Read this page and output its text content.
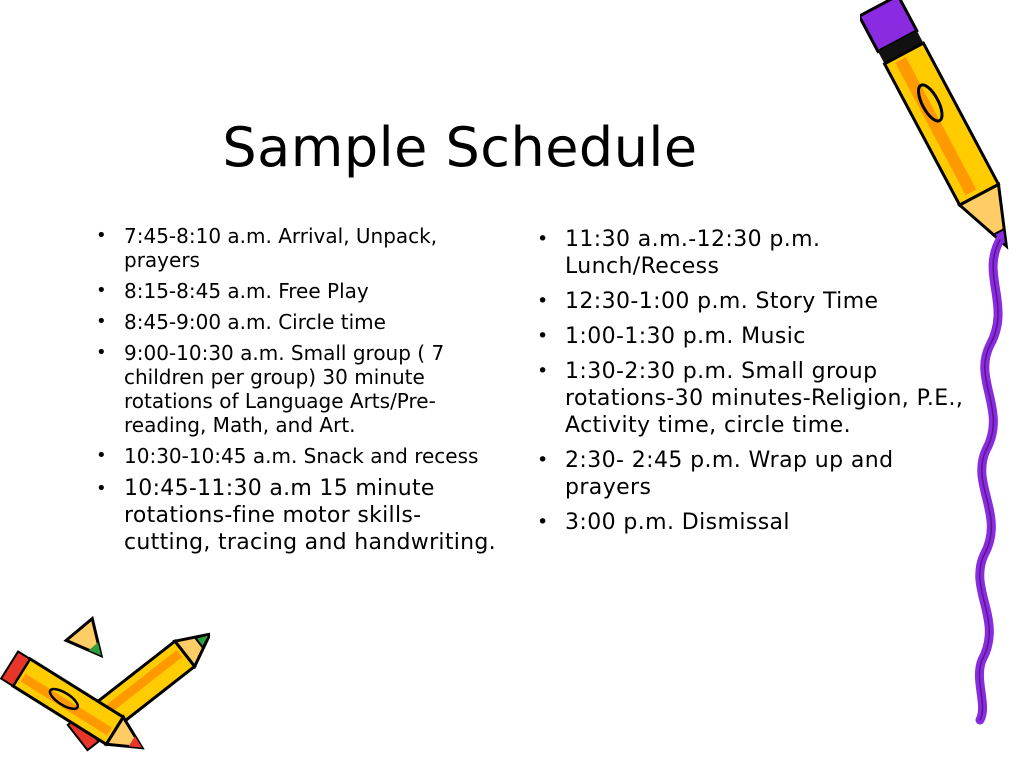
Sample Schedule
• 7:45-8:10 a.m. Arrival, Unpack, prayers
• 8:15-8:45 a.m. Free Play
• 8:45-9:00 a.m. Circle time
• 9:00-10:30 a.m. Small group ( 7 children per group) 30 minute rotations of Language Arts/Pre-reading, Math, and Art.
• 10:30-10:45 a.m. Snack and recess
• 10:45-11:30 a.m 15 minute rotations-fine motor skills-cutting, tracing and handwriting.
• 11:30 a.m.-12:30 p.m. Lunch/Recess
• 12:30-1:00 p.m. Story Time
• 1:00-1:30 p.m. Music
• 1:30-2:30 p.m. Small group rotations-30 minutes-Religion, P.E., Activity time, circle time.
• 2:30- 2:45 p.m. Wrap up and prayers
• 3:00 p.m. Dismissal
